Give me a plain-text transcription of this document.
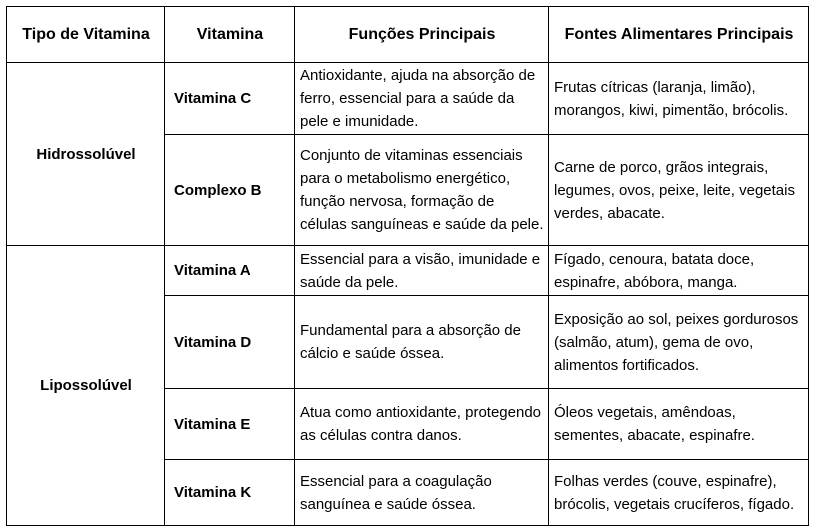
Tipo de Vitamina	Vitamina	Funções Principais	Fontes Alimentares Principais
Hidrossolúvel	Vitamina C	Antioxidante, ajuda na absorção de ferro, essencial para a saúde da pele e imunidade.	Frutas cítricas (laranja, limão), morangos, kiwi, pimentão, brócolis.
	Complexo B	Conjunto de vitaminas essenciais para o metabolismo energético, função nervosa, formação de células sanguíneas e saúde da pele.	Carne de porco, grãos integrais, legumes, ovos, peixe, leite, vegetais verdes, abacate.
Lipossolúvel	Vitamina A	Essencial para a visão, imunidade e saúde da pele.	Fígado, cenoura, batata doce, espinafre, abóbora, manga.
	Vitamina D	Fundamental para a absorção de cálcio e saúde óssea.	Exposição ao sol, peixes gordurosos (salmão, atum), gema de ovo, alimentos fortificados.
	Vitamina E	Atua como antioxidante, protegendo as células contra danos.	Óleos vegetais, amêndoas, sementes, abacate, espinafre.
	Vitamina K	Essencial para a coagulação sanguínea e saúde óssea.	Folhas verdes (couve, espinafre), brócolis, vegetais crucíferos, fígado.
